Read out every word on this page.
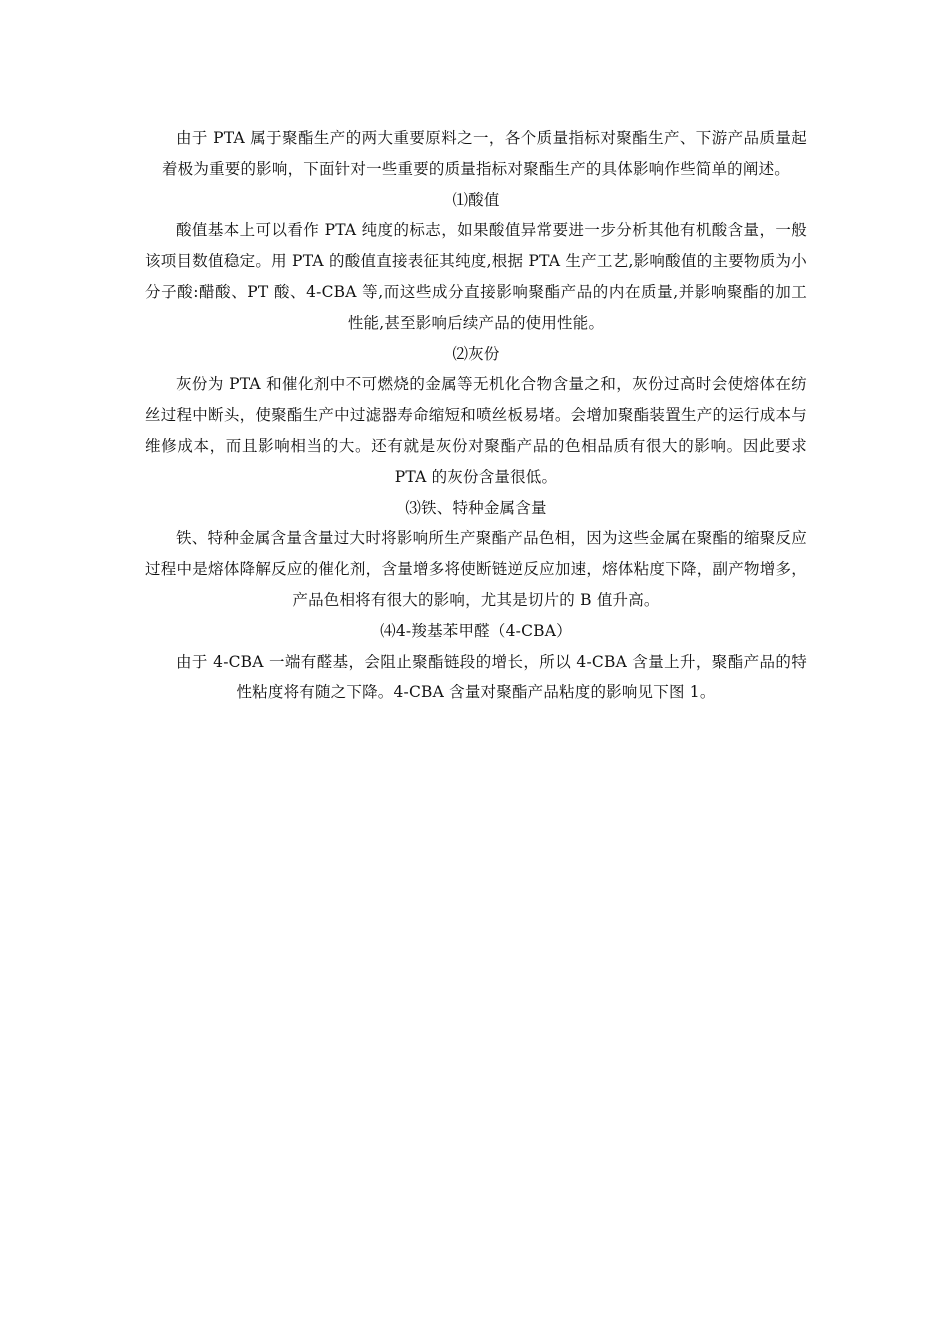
由于 PTA 属于聚酯生产的两大重要原料之一，各个质量指标对聚酯生产、下游产品质量起着极为重要的影响，下面针对一些重要的质量指标对聚酯生产的具体影响作些简单的阐述。

⑴酸值

酸值基本上可以看作 PTA 纯度的标志，如果酸值异常要进一步分析其他有机酸含量，一般该项目数值稳定。用 PTA 的酸值直接表征其纯度,根据 PTA 生产工艺,影响酸值的主要物质为小分子酸:醋酸、PT 酸、4-CBA 等,而这些成分直接影响聚酯产品的内在质量,并影响聚酯的加工性能,甚至影响后续产品的使用性能。

⑵灰份

灰份为 PTA 和催化剂中不可燃烧的金属等无机化合物含量之和，灰份过高时会使熔体在纺丝过程中断头，使聚酯生产中过滤器寿命缩短和喷丝板易堵。会增加聚酯装置生产的运行成本与维修成本，而且影响相当的大。还有就是灰份对聚酯产品的色相品质有很大的影响。因此要求 PTA 的灰份含量很低。

⑶铁、特种金属含量

铁、特种金属含量含量过大时将影响所生产聚酯产品色相，因为这些金属在聚酯的缩聚反应过程中是熔体降解反应的催化剂，含量增多将使断链逆反应加速，熔体粘度下降，副产物增多，产品色相将有很大的影响，尤其是切片的 B 值升高。

⑷4-羧基苯甲醛（4-CBA）

由于 4-CBA 一端有醛基，会阻止聚酯链段的增长，所以 4-CBA 含量上升，聚酯产品的特性粘度将有随之下降。4-CBA 含量对聚酯产品粘度的影响见下图 1。
